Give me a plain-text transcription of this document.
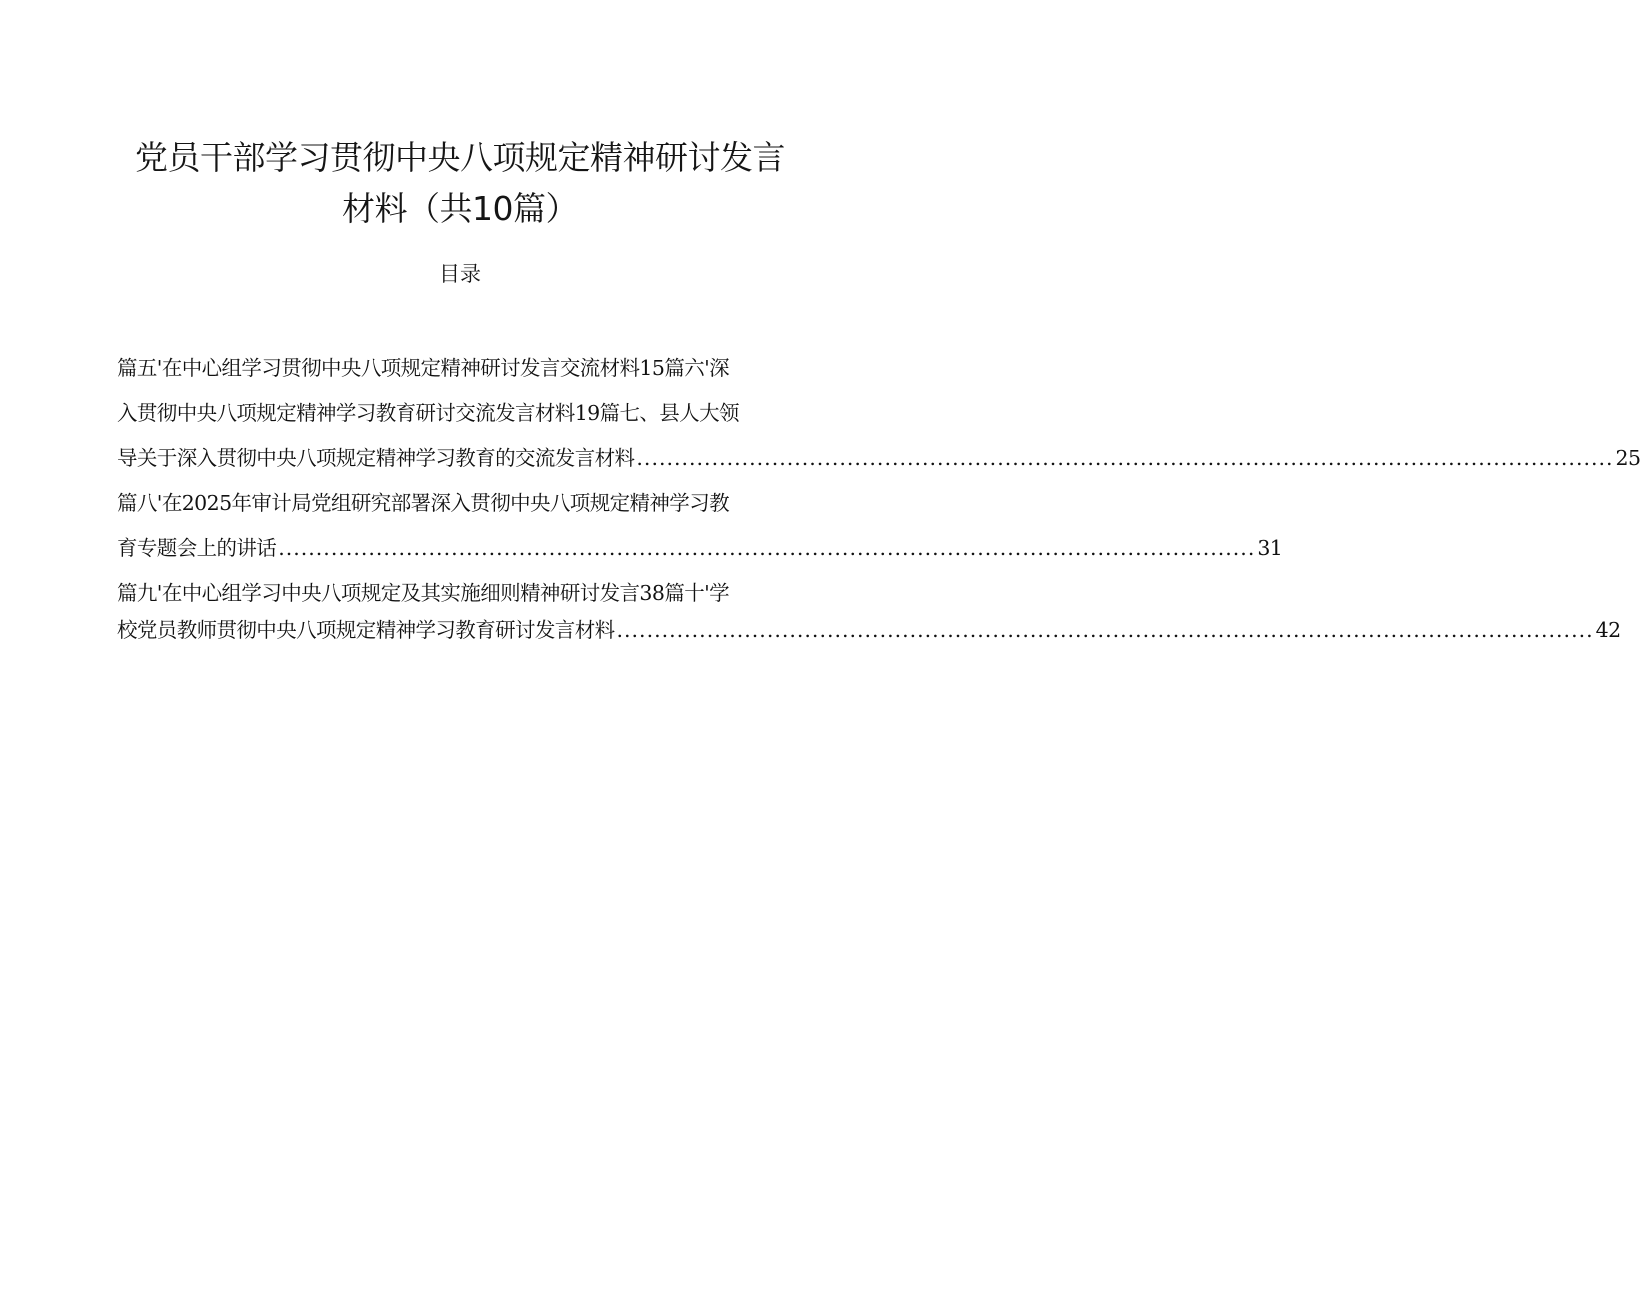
党员干部学习贯彻中央八项规定精神研讨发言
材料（共10篇）
目录
篇五'在中心组学习贯彻中央八项规定精神研讨发言交流材料15篇六'深
入贯彻中央八项规定精神学习教育研讨交流发言材料19篇七、县人大领
导关于深入贯彻中央八项规定精神学习教育的交流发言材料 .................................................................................................................................. 25
篇八'在2025年审计局党组研究部署深入贯彻中央八项规定精神学习教
育专题会上的讲话 .................................................................................................................................. 31
篇九'在中心组学习中央八项规定及其实施细则精神研讨发言38篇十'学
校党员教师贯彻中央八项规定精神学习教育研讨发言材料 .................................................................................................................................. 42
